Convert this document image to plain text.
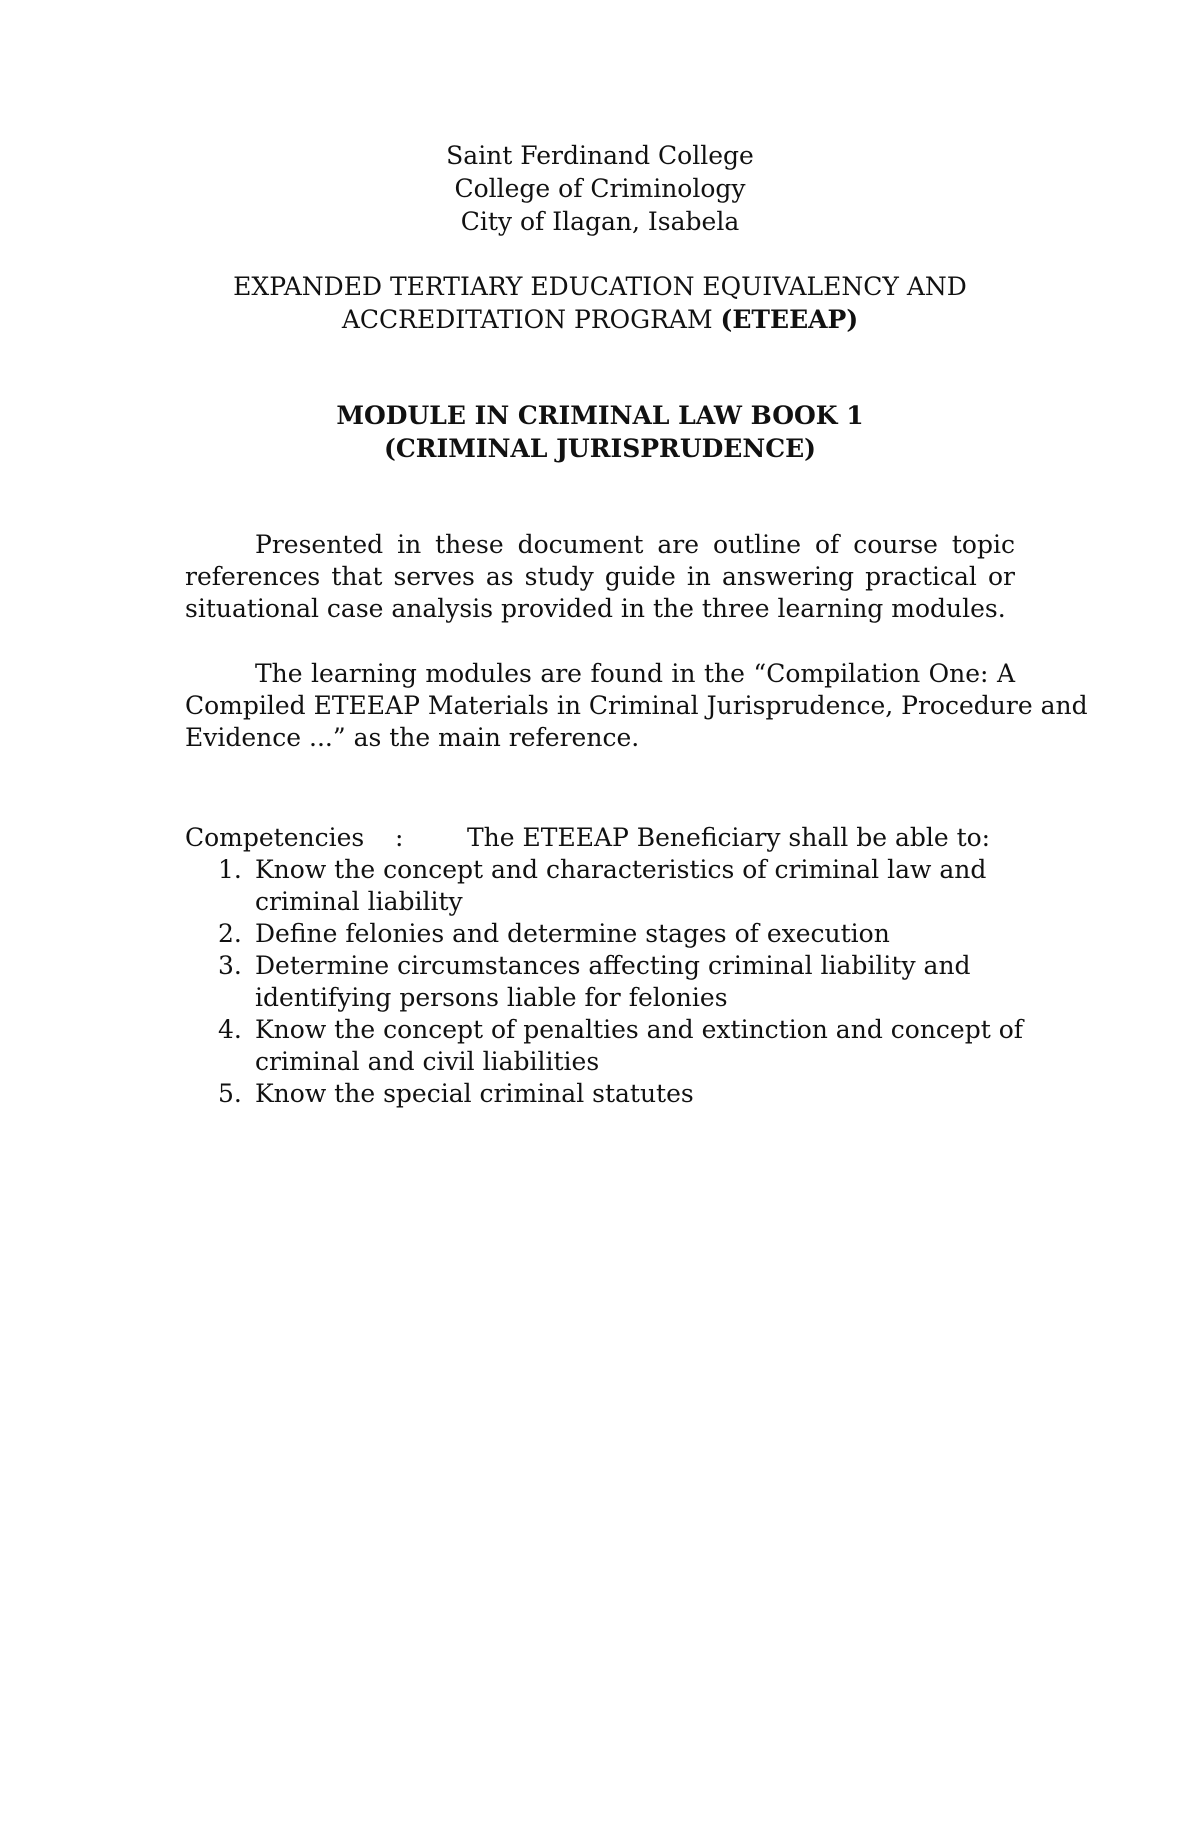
Saint Ferdinand College
College of Criminology
City of Ilagan, Isabela
EXPANDED TERTIARY EDUCATION EQUIVALENCY AND
ACCREDITATION PROGRAM (ETEEAP)
MODULE IN CRIMINAL LAW BOOK 1
(CRIMINAL JURISPRUDENCE)
Presented in these document are outline of course topic
references that serves as study guide in answering practical or
situational case analysis provided in the three learning modules.
The learning modules are found in the “Compilation One: A
Compiled ETEEAP Materials in Criminal Jurisprudence, Procedure and
Evidence ...” as the main reference.
Competencies :	The ETEEAP Beneficiary shall be able to:
1. Know the concept and characteristics of criminal law and
criminal liability
2. Define felonies and determine stages of execution
3. Determine circumstances affecting criminal liability and
identifying persons liable for felonies
4. Know the concept of penalties and extinction and concept of
criminal and civil liabilities
5. Know the special criminal statutes
